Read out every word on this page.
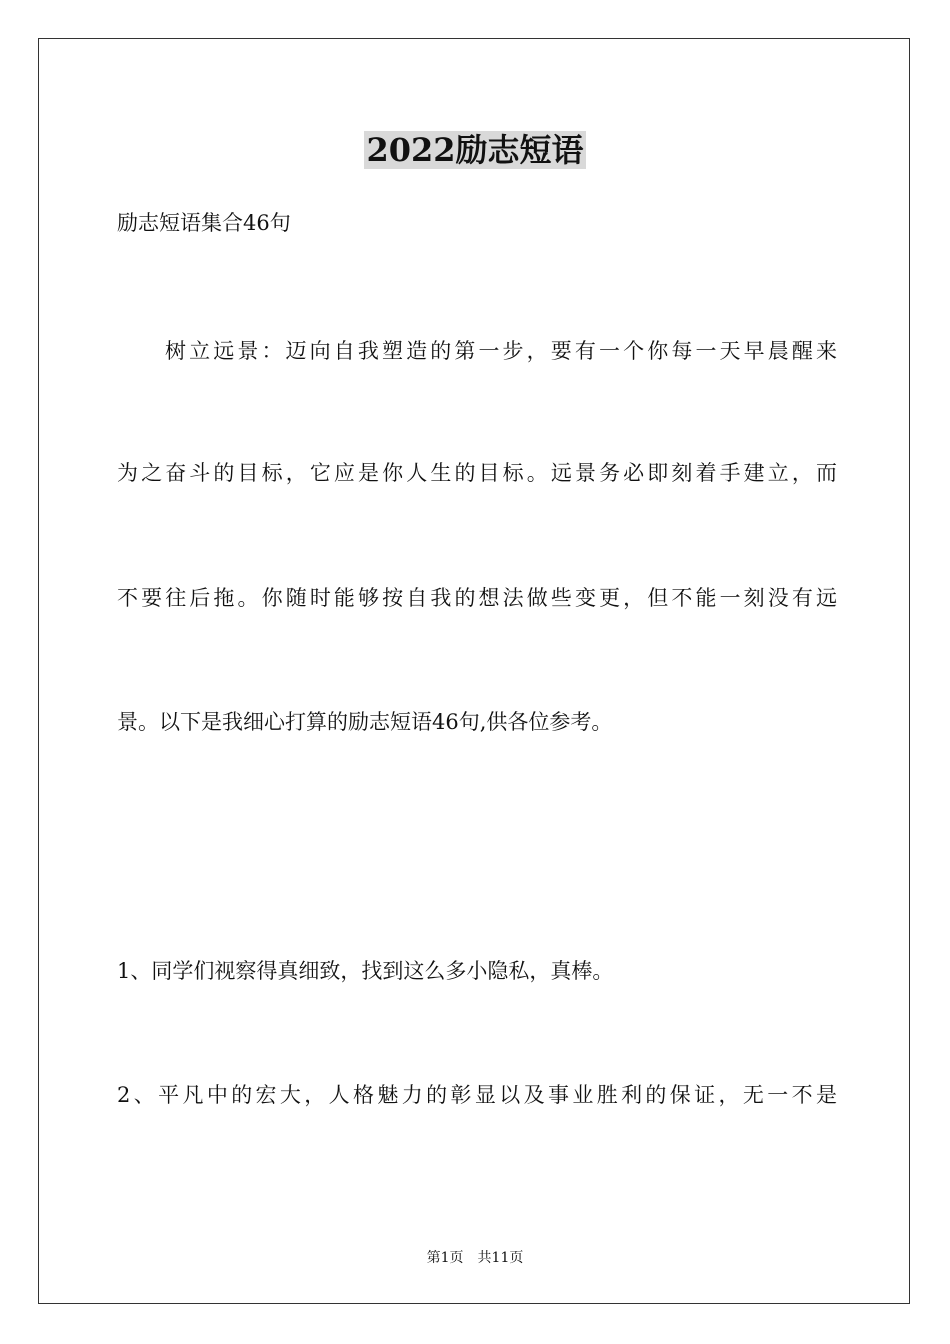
2022励志短语
励志短语集合46句
树立远景：迈向自我塑造的第一步，要有一个你每一天早晨醒来
为之奋斗的目标，它应是你人生的目标。远景务必即刻着手建立，而
不要往后拖。你随时能够按自我的想法做些变更，但不能一刻没有远
景。以下是我细心打算的励志短语46句,供各位参考。
1、同学们视察得真细致，找到这么多小隐私，真棒。
2、平凡中的宏大，人格魅力的彰显以及事业胜利的保证，无一不是
第1页 共11页
